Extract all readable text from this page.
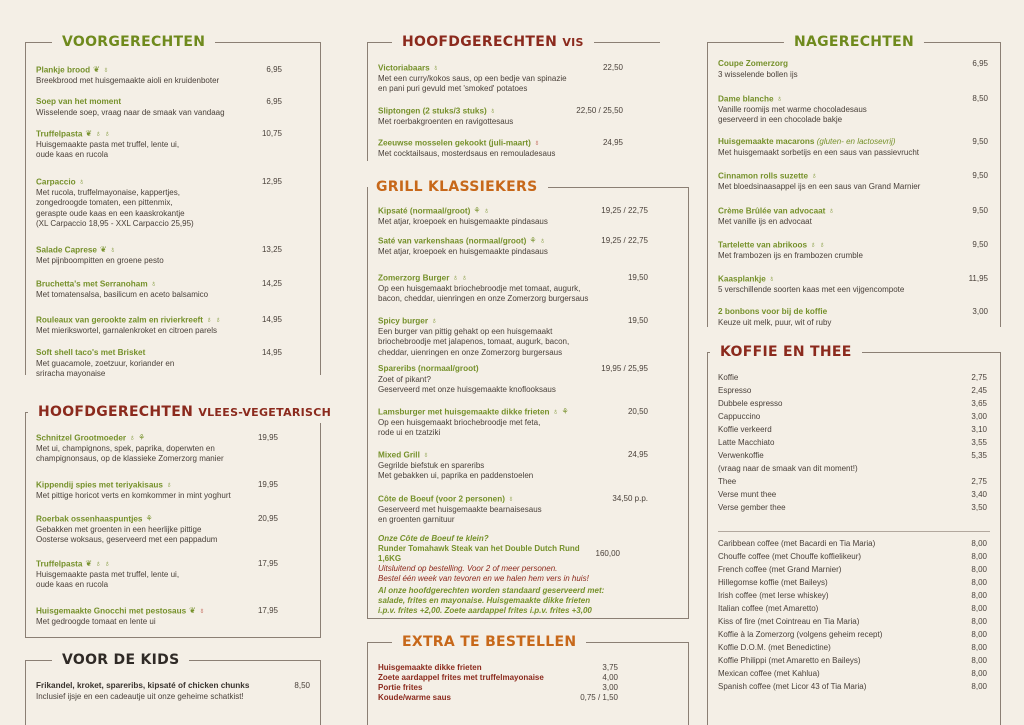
VOORGERECHTEN
Plankje brood ❦ ♁	6,95
Breekbrood met huisgemaakte aioli en kruidenboter
Soep van het moment	6,95
Wisselende soep, vraag naar de smaak van vandaag
Truffelpasta ❦ ♁ ♁	10,75
Huisgemaakte pasta met truffel, lente ui,
oude kaas en rucola
Carpaccio ♁	12,95
Met rucola, truffelmayonaise, kappertjes,
zongedroogde tomaten, een pittenmix,
geraspte oude kaas en een kaaskrokantje
(XL Carpaccio 18,95 - XXL Carpaccio 25,95)
Salade Caprese ❦ ♁	13,25
Met pijnboompitten en groene pesto
Bruchetta's met Serranoham ♁	14,25
Met tomatensalsa, basilicum en aceto balsamico
Rouleaux van gerookte zalm en rivierkreeft ♁ ♁	14,95
Met mierikswortel, garnalenkroket en citroen parels
Soft shell taco's met Brisket	14,95
Met guacamole, zoetzuur, koriander en
sriracha mayonaise
HOOFDGERECHTEN VLEES-VEGETARISCH
Schnitzel Grootmoeder ♁ ⚘	19,95
Met ui, champignons, spek, paprika, doperwten en
champignonsaus, op de klassieke Zomerzorg manier
Kippendij spies met teriyakisaus ♁	19,95
Met pittige horicot verts en komkommer in mint yoghurt
Roerbak ossenhaaspuntjes ⚘	20,95
Gebakken met groenten in een heerlijke pittige
Oosterse woksaus, geserveerd met een pappadum
Truffelpasta ❦ ♁ ♁	17,95
Huisgemaakte pasta met truffel, lente ui,
oude kaas en rucola
Huisgemaakte Gnocchi met pestosaus ❦ ♁	17,95
Met gedroogde tomaat en lente ui
VOOR DE KIDS
Frikandel, kroket, spareribs, kipsaté of chicken chunks	8,50
Inclusief ijsje en een cadeautje uit onze geheime schatkist!
HOOFDGERECHTEN VIS
Victoriabaars ♁	22,50
Met een curry/kokos saus, op een bedje van spinazie
en pani puri gevuld met 'smoked' potatoes
Sliptongen (2 stuks/3 stuks) ♁	22,50 / 25,50
Met roerbakgroenten en ravigottesaus
Zeeuwse mosselen gekookt (juli-maart) ♁	24,95
Met cocktailsaus, mosterdsaus en remouladesaus
GRILL KLASSIEKERS
Kipsaté (normaal/groot) ⚘ ♁	19,25 / 22,75
Met atjar, kroepoek en huisgemaakte pindasaus
Saté van varkenshaas (normaal/groot) ⚘ ♁	19,25 / 22,75
Met atjar, kroepoek en huisgemaakte pindasaus
Zomerzorg Burger ♁ ♁	19,50
Op een huisgemaakt briochebroodje met tomaat, augurk,
bacon, cheddar, uienringen en onze Zomerzorg burgersaus
Spicy burger ♁	19,50
Een burger van pittig gehakt op een huisgemaakt
briochebroodje met jalapenos, tomaat, augurk, bacon,
cheddar, uienringen en onze Zomerzorg burgersaus
Spareribs (normaal/groot)	19,95 / 25,95
Zoet of pikant?
Geserveerd met onze huisgemaakte knoflooksaus
Lamsburger met huisgemaakte dikke frieten ♁ ⚘	20,50
Op een huisgemaakt briochebroodje met feta,
rode ui en tzatziki
Mixed Grill ♁	24,95
Gegrilde biefstuk en spareribs
Met gebakken ui, paprika en paddenstoelen
Côte de Boeuf (voor 2 personen) ♁	34,50 p.p.
Geserveerd met huisgemaakte bearnaisesaus
en groenten garnituur
Onze Côte de Boeuf te klein?
Runder Tomahawk Steak van het Double Dutch Rund 1,6KG
160,00
Uitsluitend op bestelling. Voor 2 of meer personen.
Bestel één week van tevoren en we halen hem vers in huis!
Al onze hoofdgerechten worden standaard geserveerd met:
salade, frites en mayonaise. Huisgemaakte dikke frieten
i.p.v. frites +2,00. Zoete aardappel frites i.p.v. frites +3,00
EXTRA TE BESTELLEN
Huisgemaakte dikke frieten	3,75
Zoete aardappel frites met truffelmayonaise	4,00
Portie frites	3,00
Koude/warme saus	0,75 / 1,50
NAGERECHTEN
Coupe Zomerzorg	6,95
3 wisselende bollen ijs
Dame blanche ♁	8,50
Vanille roomijs met warme chocoladesaus
geserveerd in een chocolade bakje
Huisgemaakte macarons (gluten- en lactosevrij)	9,50
Met huisgemaakt sorbetijs en een saus van passievrucht
Cinnamon rolls suzette ♁	9,50
Met bloedsinaasappel ijs en een saus van Grand Marnier
Crème Brûlée van advocaat ♁	9,50
Met vanille ijs en advocaat
Tartelette van abrikoos ♁ ♁	9,50
Met frambozen ijs en frambozen crumble
Kaasplankje ♁	11,95
5 verschillende soorten kaas met een vijgencompote
2 bonbons voor bij de koffie	3,00
Keuze uit melk, puur, wit of ruby
KOFFIE EN THEE
Koffie	2,75
Espresso	2,45
Dubbele espresso	3,65
Cappuccino	3,00
Koffie verkeerd	3,10
Latte Macchiato	3,55
Verwenkoffie	5,35
(vraag naar de smaak van dit moment!)
Thee	2,75
Verse munt thee	3,40
Verse gember thee	3,50
Caribbean coffee (met Bacardi en Tia Maria)	8,00
Chouffe coffee (met Chouffe koffielikeur)	8,00
French coffee (met Grand Marnier)	8,00
Hillegomse koffie (met Baileys)	8,00
Irish coffee (met Ierse whiskey)	8,00
Italian coffee (met Amaretto)	8,00
Kiss of fire (met Cointreau en Tia Maria)	8,00
Koffie à la Zomerzorg (volgens geheim recept)	8,00
Koffie D.O.M. (met Benedictine)	8,00
Koffie Philippi (met Amaretto en Baileys)	8,00
Mexican coffee (met Kahlua)	8,00
Spanish coffee (met Licor 43 of Tia Maria)	8,00
